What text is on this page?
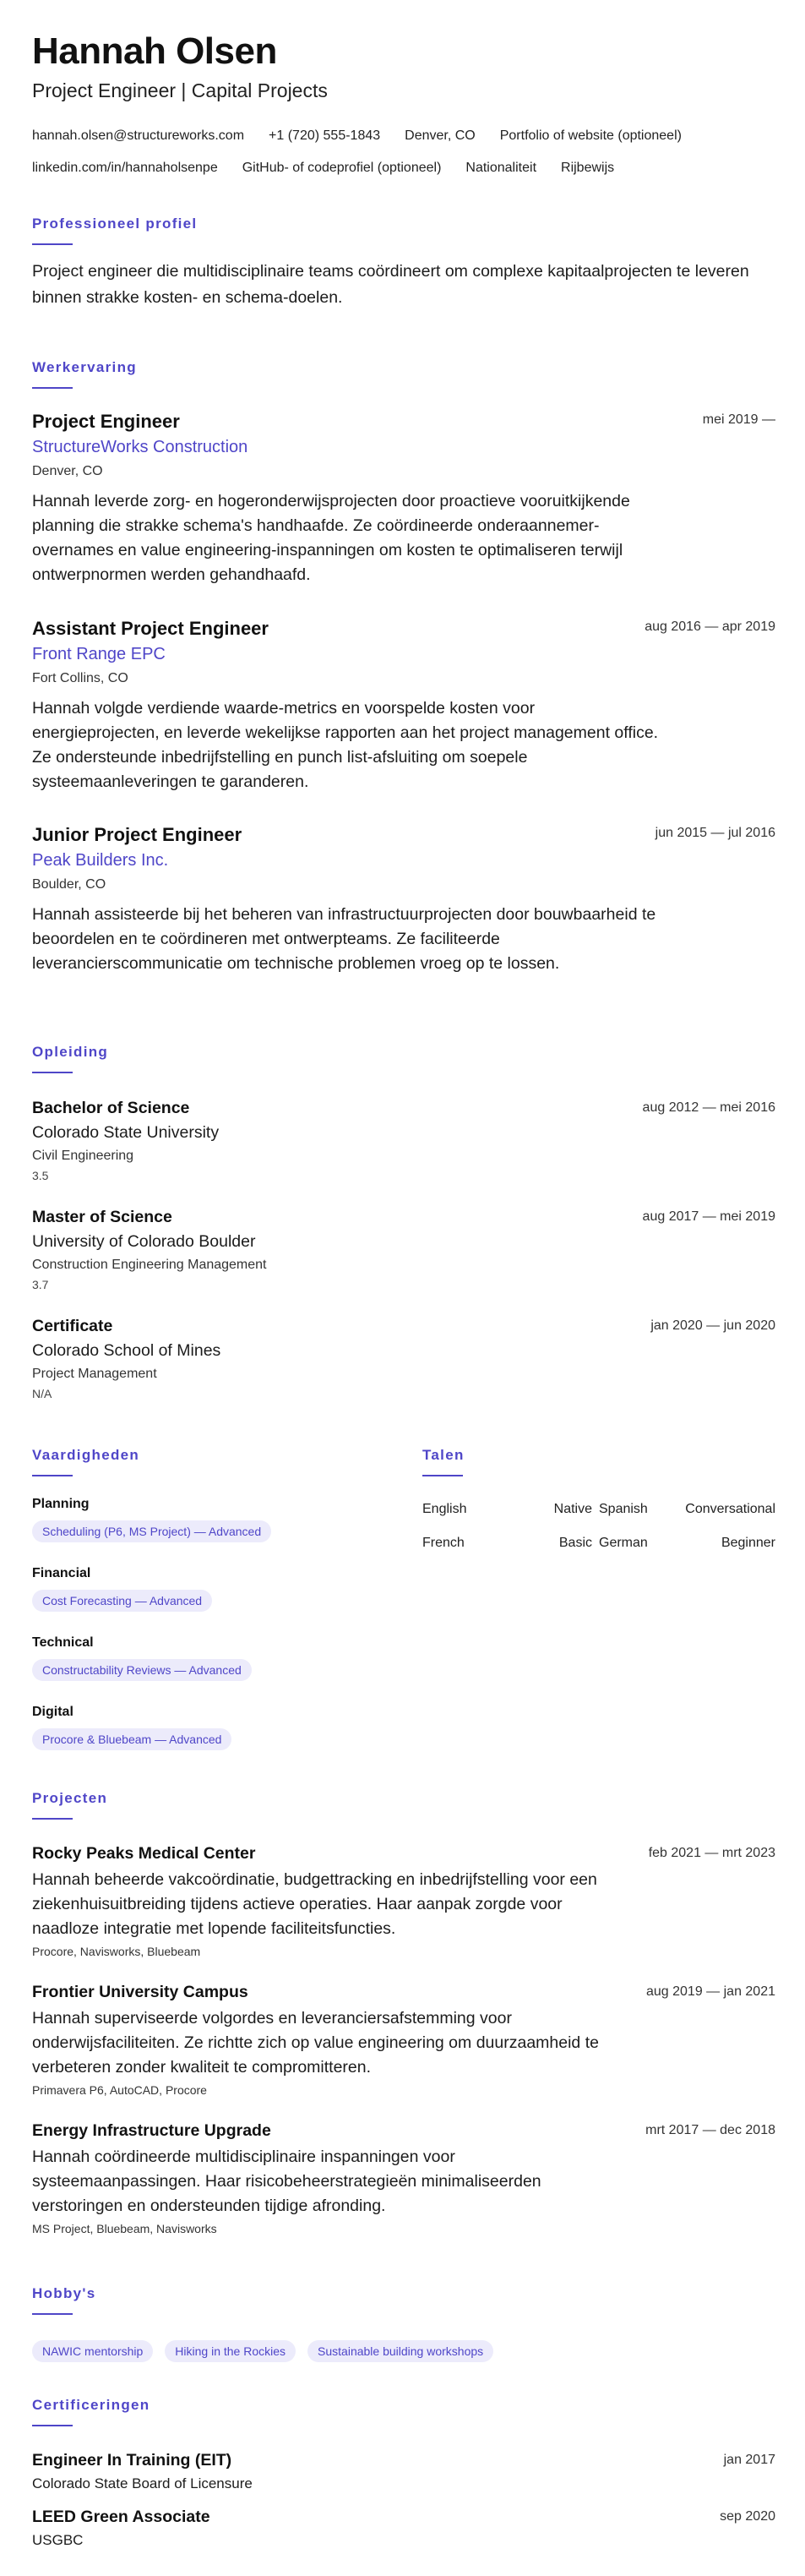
Hannah Olsen
Project Engineer | Capital Projects
hannah.olsen@structureworks.com +1 (720) 555-1843 Denver, CO Portfolio of website (optioneel)
linkedin.com/in/hannaholsenpe GitHub- of codeprofiel (optioneel) Nationaliteit Rijbewijs
Professioneel profiel
Project engineer die multidisciplinaire teams coördineert om complexe kapitaalprojecten te leveren binnen strakke kosten- en schema-doelen.
Werkervaring
Project Engineer
StructureWorks Construction
Denver, CO
Hannah leverde zorg- en hogeronderwijsprojecten door proactieve vooruitkijkende planning die strakke schema's handhaafde. Ze coördineerde onderaannemer-overnames en value engineering-inspanningen om kosten te optimaliseren terwijl ontwerpnormen werden gehandhaafd.
mei 2019 —
Assistant Project Engineer
Front Range EPC
Fort Collins, CO
Hannah volgde verdiende waarde-metrics en voorspelde kosten voor energieprojecten, en leverde wekelijkse rapporten aan het project management office. Ze ondersteunde inbedrijfstelling en punch list-afsluiting om soepele systeemaanleveringen te garanderen.
aug 2016 — apr 2019
Junior Project Engineer
Peak Builders Inc.
Boulder, CO
Hannah assisteerde bij het beheren van infrastructuurprojecten door bouwbaarheid te beoordelen en te coördineren met ontwerpteams. Ze faciliteerde leverancierscommunicatie om technische problemen vroeg op te lossen.
jun 2015 — jul 2016
Opleiding
Bachelor of Science
Colorado State University
Civil Engineering
3.5
aug 2012 — mei 2016
Master of Science
University of Colorado Boulder
Construction Engineering Management
3.7
aug 2017 — mei 2019
Certificate
Colorado School of Mines
Project Management
N/A
jan 2020 — jun 2020
Vaardigheden
Planning
Scheduling (P6, MS Project) — Advanced
Financial
Cost Forecasting — Advanced
Technical
Constructability Reviews — Advanced
Digital
Procore & Bluebeam — Advanced
Talen
English	Native Spanish	Conversational
French	Basic German	Beginner
Projecten
Rocky Peaks Medical Center
Hannah beheerde vakcoördinatie, budgettracking en inbedrijfstelling voor een ziekenhuisuitbreiding tijdens actieve operaties. Haar aanpak zorgde voor naadloze integratie met lopende faciliteitsfuncties.
Procore, Navisworks, Bluebeam
feb 2021 — mrt 2023
Frontier University Campus
Hannah superviseerde volgordes en leveranciersafstemming voor onderwijsfaciliteiten. Ze richtte zich op value engineering om duurzaamheid te verbeteren zonder kwaliteit te compromitteren.
Primavera P6, AutoCAD, Procore
aug 2019 — jan 2021
Energy Infrastructure Upgrade
Hannah coördineerde multidisciplinaire inspanningen voor systeemaanpassingen. Haar risicobeheerstrategieën minimaliseerden verstoringen en ondersteunden tijdige afronding.
MS Project, Bluebeam, Navisworks
mrt 2017 — dec 2018
Hobby's
NAWIC mentorship	Hiking in the Rockies	Sustainable building workshops
Certificeringen
Engineer In Training (EIT)
Colorado State Board of Licensure
jan 2017
LEED Green Associate
USGBC
sep 2020
